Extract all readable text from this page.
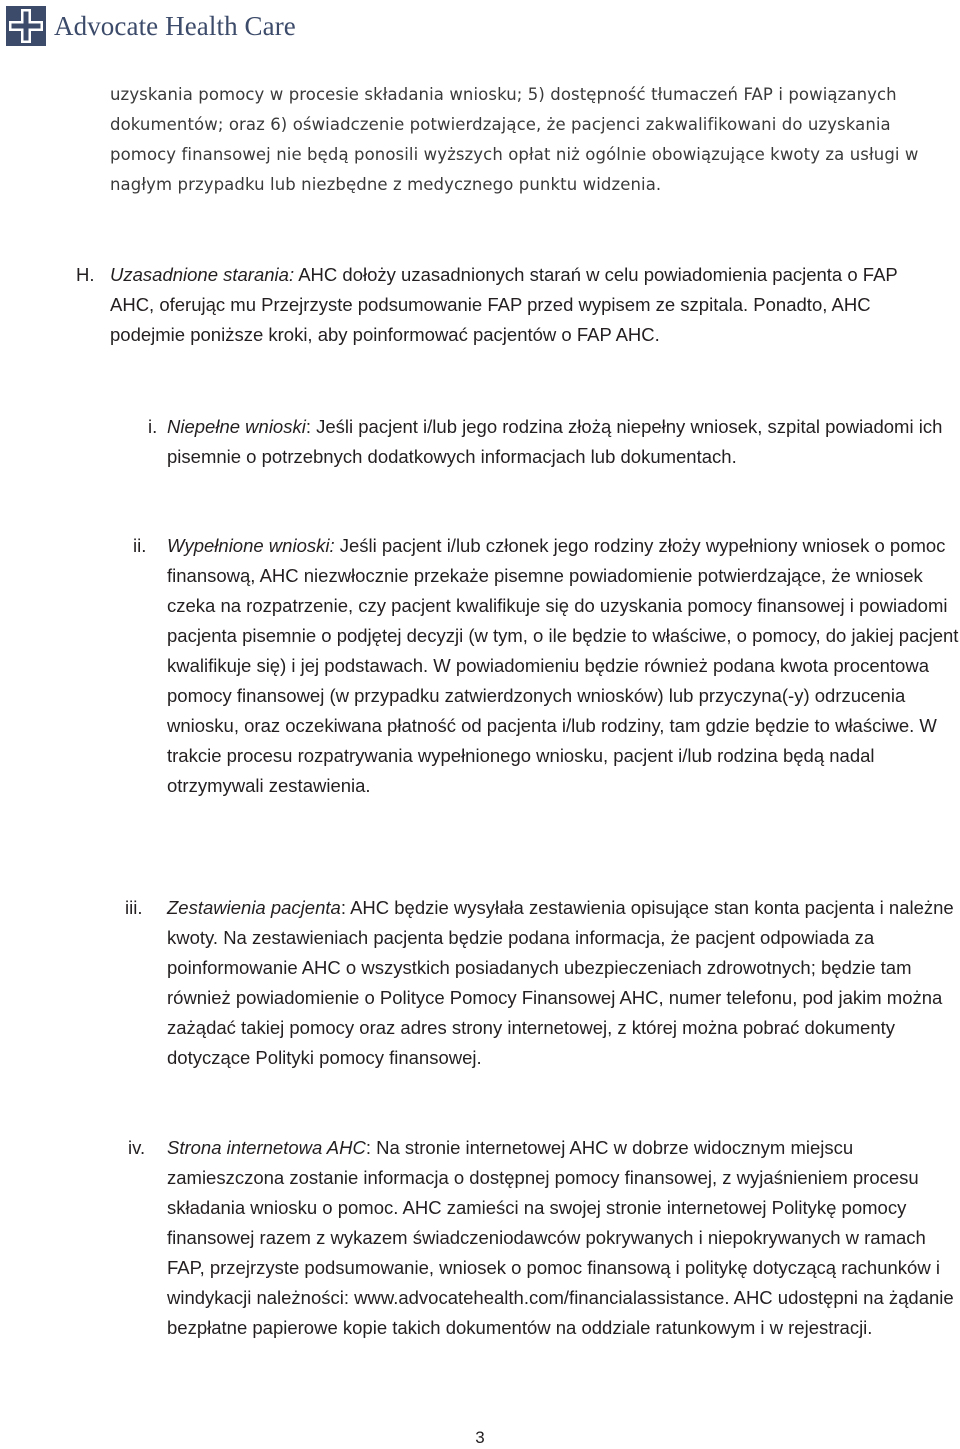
Advocate Health Care
uzyskania pomocy w procesie składania wniosku; 5) dostępność tłumaczeń FAP i powiązanych dokumentów; oraz 6) oświadczenie potwierdzające, że pacjenci zakwalifikowani do uzyskania pomocy finansowej nie będą ponosili wyższych opłat niż ogólnie obowiązujące kwoty za usługi w nagłym przypadku lub niezbędne z medycznego punktu widzenia.
H. Uzasadnione starania: AHC dołoży uzasadnionych starań w celu powiadomienia pacjenta o FAP AHC, oferując mu Przejrzyste podsumowanie FAP przed wypisem ze szpitala. Ponadto, AHC podejmie poniższe kroki, aby poinformować pacjentów o FAP AHC.
i. Niepełne wnioski: Jeśli pacjent i/lub jego rodzina złożą niepełny wniosek, szpital powiadomi ich pisemnie o potrzebnych dodatkowych informacjach lub dokumentach.
ii. Wypełnione wnioski: Jeśli pacjent i/lub członek jego rodziny złoży wypełniony wniosek o pomoc finansową, AHC niezwłocznie przekaże pisemne powiadomienie potwierdzające, że wniosek czeka na rozpatrzenie, czy pacjent kwalifikuje się do uzyskania pomocy finansowej i powiadomi pacjenta pisemnie o podjętej decyzji (w tym, o ile będzie to właściwe, o pomocy, do jakiej pacjent kwalifikuje się) i jej podstawach. W powiadomieniu będzie również podana kwota procentowa pomocy finansowej (w przypadku zatwierdzonych wniosków) lub przyczyna(-y) odrzucenia wniosku, oraz oczekiwana płatność od pacjenta i/lub rodziny, tam gdzie będzie to właściwe. W trakcie procesu rozpatrywania wypełnionego wniosku, pacjent i/lub rodzina będą nadal otrzymywali zestawienia.
iii. Zestawienia pacjenta: AHC będzie wysyłała zestawienia opisujące stan konta pacjenta i należne kwoty. Na zestawieniach pacjenta będzie podana informacja, że pacjent odpowiada za poinformowanie AHC o wszystkich posiadanych ubezpieczeniach zdrowotnych; będzie tam również powiadomienie o Polityce Pomocy Finansowej AHC, numer telefonu, pod jakim można zażądać takiej pomocy oraz adres strony internetowej, z której można pobrać dokumenty dotyczące Polityki pomocy finansowej.
iv. Strona internetowa AHC: Na stronie internetowej AHC w dobrze widocznym miejscu zamieszczona zostanie informacja o dostępnej pomocy finansowej, z wyjaśnieniem procesu składania wniosku o pomoc. AHC zamieści na swojej stronie internetowej Politykę pomocy finansowej razem z wykazem świadczeniodawców pokrywanych i niepokrywanych w ramach FAP, przejrzyste podsumowanie, wniosek o pomoc finansową i politykę dotyczącą rachunków i windykacji należności: www.advocatehealth.com/financialassistance. AHC udostępni na żądanie bezpłatne papierowe kopie takich dokumentów na oddziale ratunkowym i w rejestracji.
3
